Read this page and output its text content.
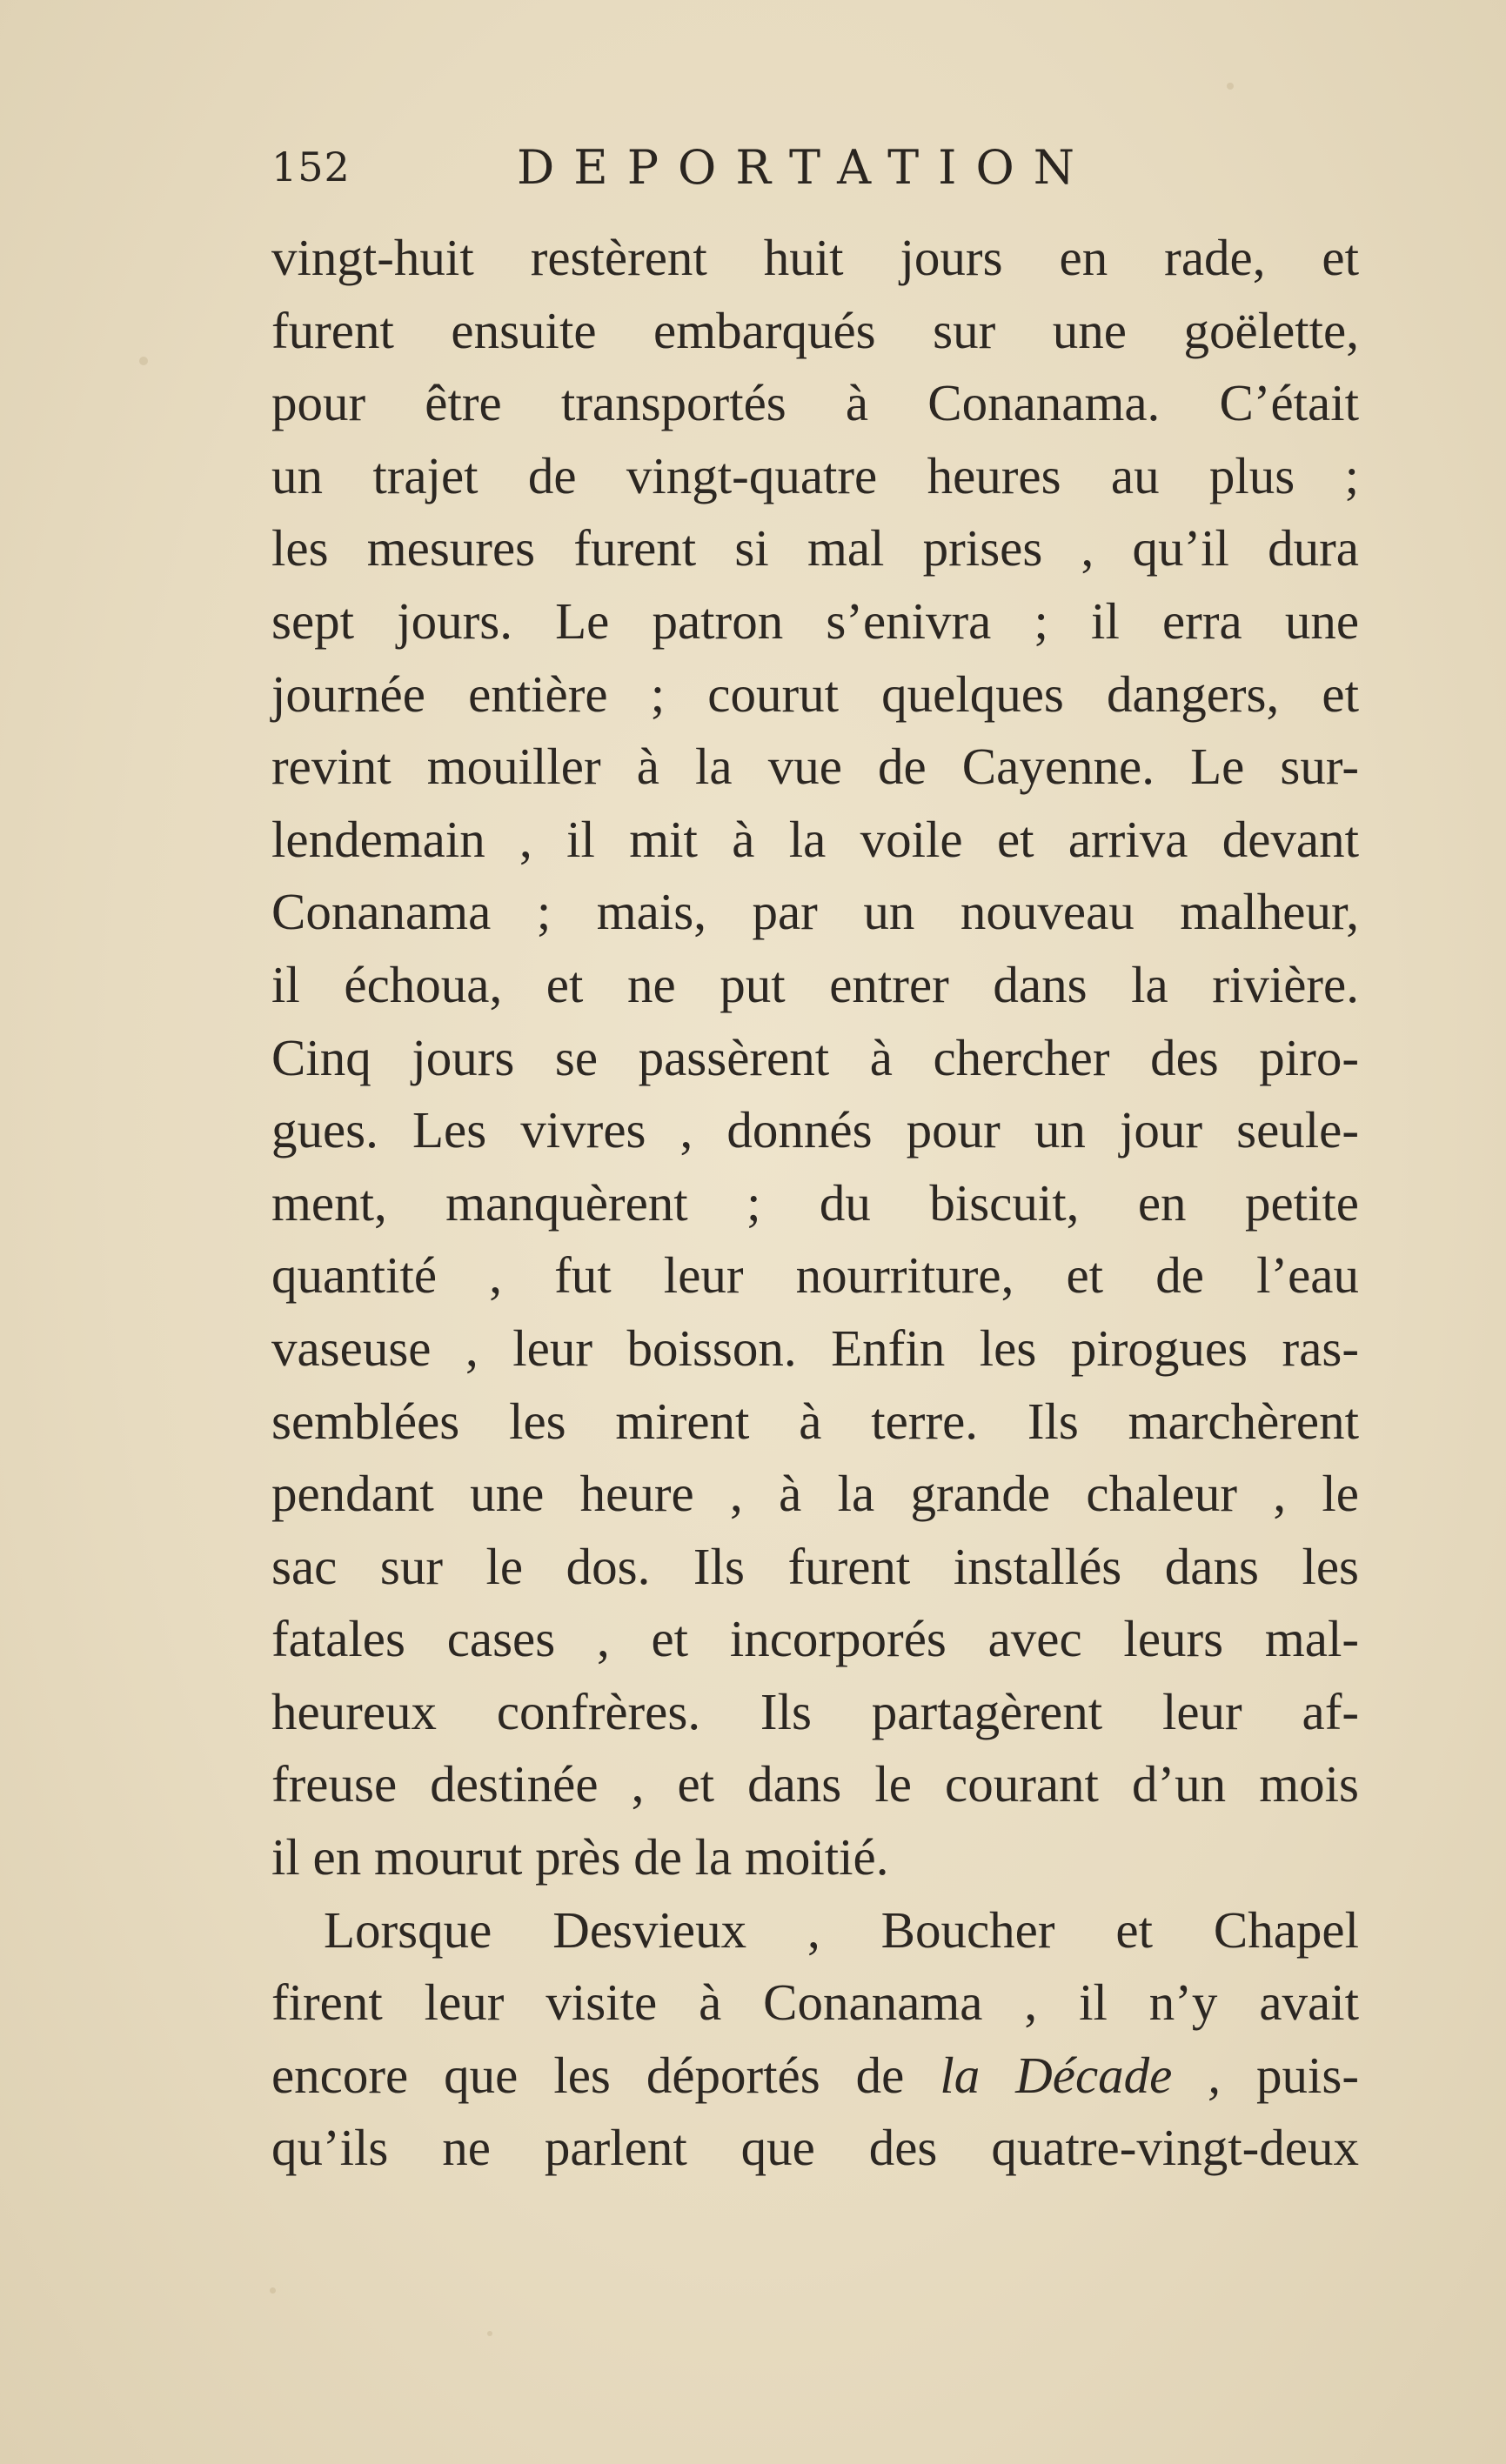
152	DEPORTATION
vingt-huit restèrent huit jours en rade, et
furent ensuite embarqués sur une goëlette,
pour être transportés à Conanama. C’était
un trajet de vingt-quatre heures au plus ;
les mesures furent si mal prises , qu’il dura
sept jours. Le patron s’enivra ; il erra une
journée entière ; courut quelques dangers, et
revint mouiller à la vue de Cayenne. Le sur-
lendemain , il mit à la voile et arriva devant
Conanama ; mais, par un nouveau malheur,
il échoua, et ne put entrer dans la rivière.
Cinq jours se passèrent à chercher des piro-
gues. Les vivres , donnés pour un jour seule-
ment, manquèrent ; du biscuit, en petite
quantité , fut leur nourriture, et de l’eau
vaseuse , leur boisson. Enfin les pirogues ras-
semblées les mirent à terre. Ils marchèrent
pendant une heure , à la grande chaleur , le
sac sur le dos. Ils furent installés dans les
fatales cases , et incorporés avec leurs mal-
heureux confrères. Ils partagèrent leur af-
freuse destinée , et dans le courant d’un mois
il en mourut près de la moitié.
Lorsque Desvieux , Boucher et Chapel
firent leur visite à Conanama , il n’y avait
encore que les déportés de la Décade , puis-
qu’ils ne parlent que des quatre-vingt-deux
